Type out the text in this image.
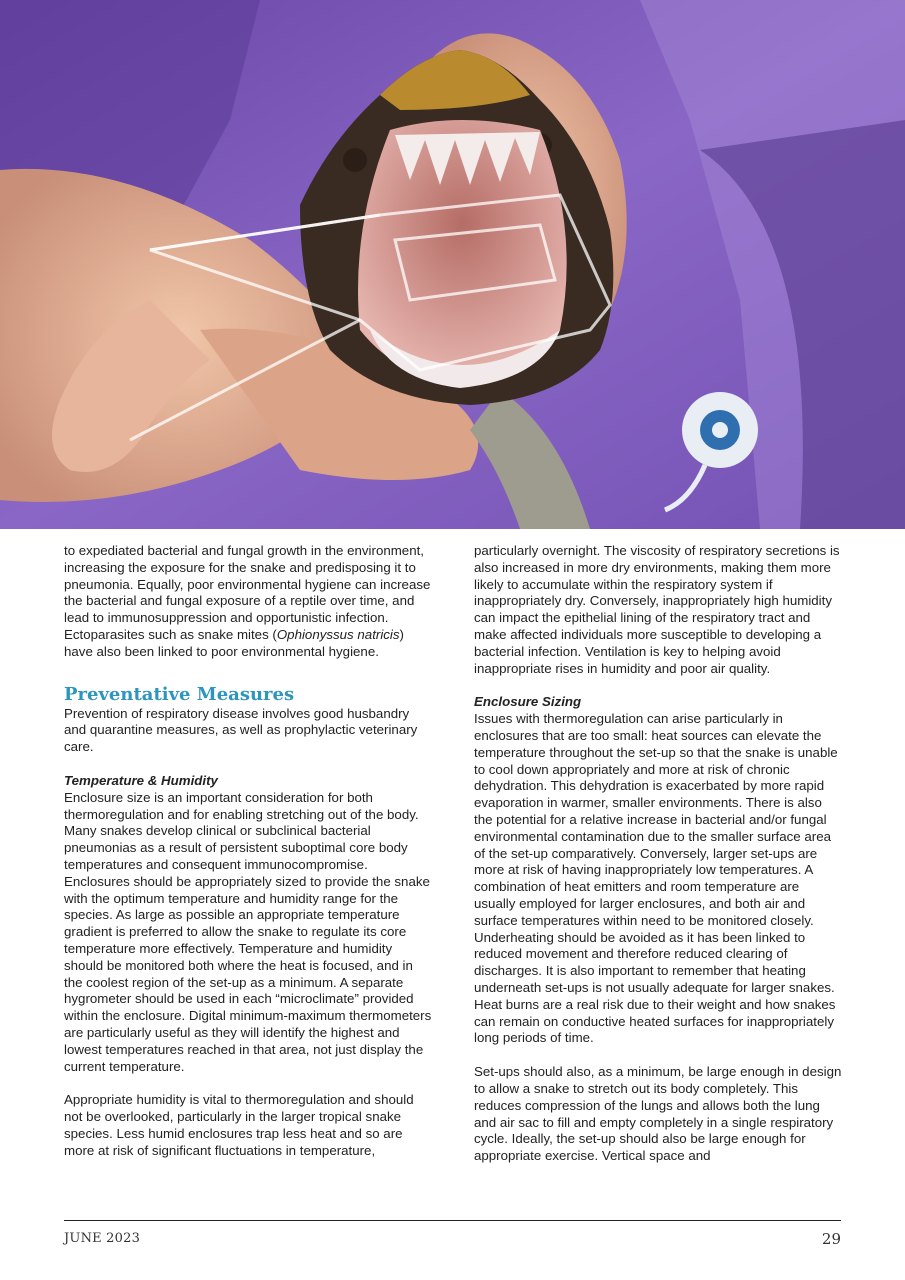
to expediated bacterial and fungal growth in the environment, increasing the exposure for the snake and predisposing it to pneumonia. Equally, poor environmental hygiene can increase the bacterial and fungal exposure of a reptile over time, and lead to immunosuppression and opportunistic infection. Ectoparasites such as snake mites (Ophionyssus natricis) have also been linked to poor environmental hygiene.

Preventative Measures

Prevention of respiratory disease involves good husbandry and quarantine measures, as well as prophylactic veterinary care.

Temperature & Humidity

Enclosure size is an important consideration for both thermoregulation and for enabling stretching out of the body. Many snakes develop clinical or subclinical bacterial pneumonias as a result of persistent suboptimal core body temperatures and consequent immunocompromise. Enclosures should be appropriately sized to provide the snake with the optimum temperature and humidity range for the species. As large as possible an appropriate temperature gradient is preferred to allow the snake to regulate its core temperature more effectively. Temperature and humidity should be monitored both where the heat is focused, and in the coolest region of the set-up as a minimum. A separate hygrometer should be used in each “microclimate” provided within the enclosure. Digital minimum-maximum thermometers are particularly useful as they will identify the highest and lowest temperatures reached in that area, not just display the current temperature.

Appropriate humidity is vital to thermoregulation and should not be overlooked, particularly in the larger tropical snake species. Less humid enclosures trap less heat and so are more at risk of significant fluctuations in temperature,

particularly overnight. The viscosity of respiratory secretions is also increased in more dry environments, making them more likely to accumulate within the respiratory system if inappropriately dry. Conversely, inappropriately high humidity can impact the epithelial lining of the respiratory tract and make affected individuals more susceptible to developing a bacterial infection. Ventilation is key to helping avoid inappropriate rises in humidity and poor air quality.

Enclosure Sizing

Issues with thermoregulation can arise particularly in enclosures that are too small: heat sources can elevate the temperature throughout the set-up so that the snake is unable to cool down appropriately and more at risk of chronic dehydration. This dehydration is exacerbated by more rapid evaporation in warmer, smaller environments. There is also the potential for a relative increase in bacterial and/or fungal environmental contamination due to the smaller surface area of the set-up comparatively. Conversely, larger set-ups are more at risk of having inappropriately low temperatures. A combination of heat emitters and room temperature are usually employed for larger enclosures, and both air and surface temperatures within need to be monitored closely. Underheating should be avoided as it has been linked to reduced movement and therefore reduced clearing of discharges. It is also important to remember that heating underneath set-ups is not usually adequate for larger snakes. Heat burns are a real risk due to their weight and how snakes can remain on conductive heated surfaces for inappropriately long periods of time.

Set-ups should also, as a minimum, be large enough in design to allow a snake to stretch out its body completely. This reduces compression of the lungs and allows both the lung and air sac to fill and empty completely in a single respiratory cycle. Ideally, the set-up should also be large enough for appropriate exercise. Vertical space and

JUNE 2023	29
